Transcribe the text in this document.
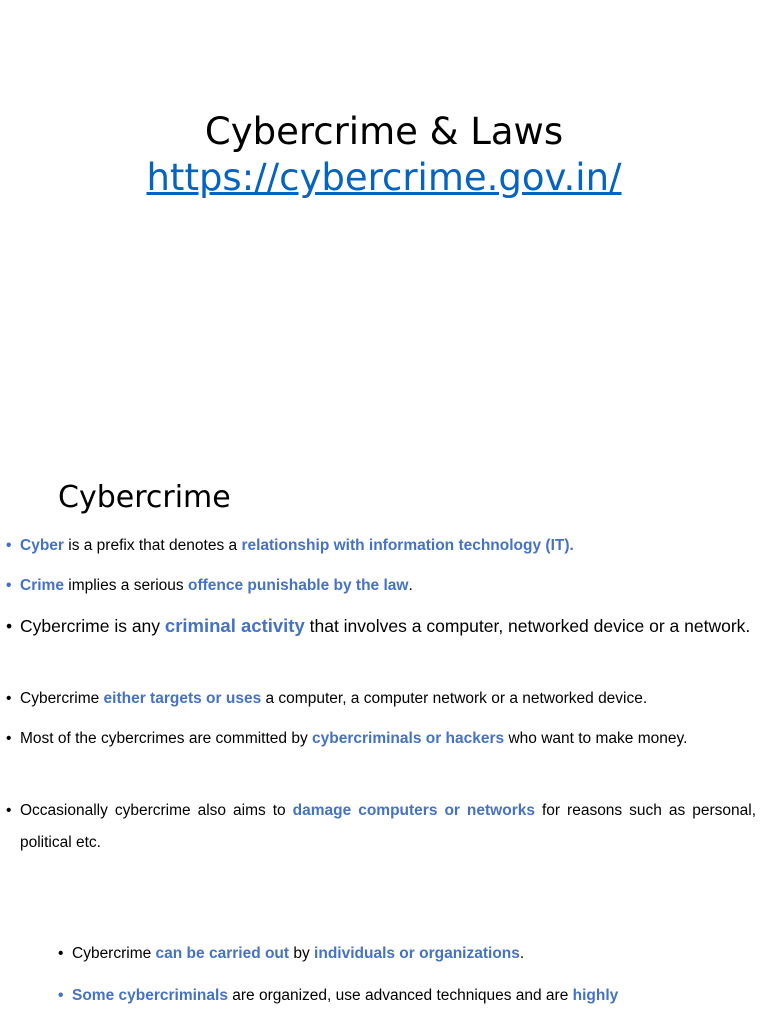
Cybercrime & Laws
https://cybercrime.gov.in/
Cybercrime
• Cyber is a prefix that denotes a relationship with information technology (IT).
• Crime implies a serious offence punishable by the law.
• Cybercrime is any criminal activity that involves a computer, networked device or a network.
• Cybercrime either targets or uses a computer, a computer network or a networked device.
• Most of the cybercrimes are committed by cybercriminals or hackers who want to make money.
• Occasionally cybercrime also aims to damage computers or networks for reasons such as personal, political etc.
• Cybercrime can be carried out by individuals or organizations.
• Some cybercriminals are organized, use advanced techniques and are highly
